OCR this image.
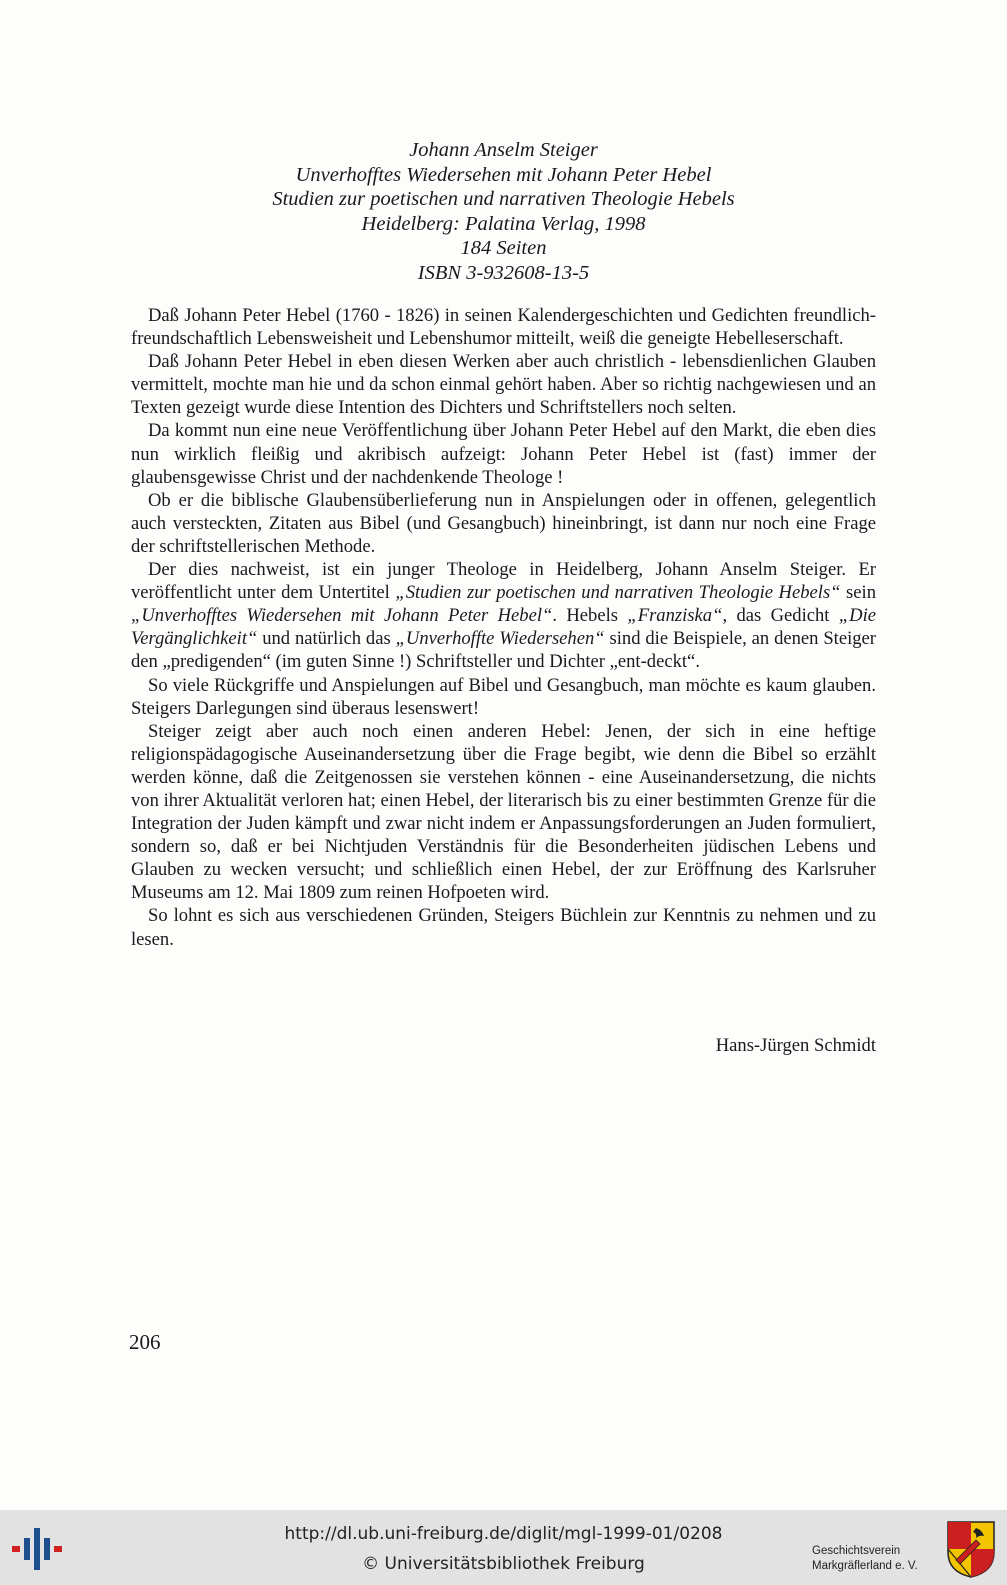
Johann Anselm Steiger
Unverhofftes Wiedersehen mit Johann Peter Hebel
Studien zur poetischen und narrativen Theologie Hebels
Heidelberg: Palatina Verlag, 1998
184 Seiten
ISBN 3-932608-13-5

Daß Johann Peter Hebel (1760 - 1826) in seinen Kalendergeschichten und Gedichten freundlich-freundschaftlich Lebensweisheit und Lebenshumor mitteilt, weiß die geneigte Hebelleserschaft.

Daß Johann Peter Hebel in eben diesen Werken aber auch christlich - lebensdienlichen Glauben vermittelt, mochte man hie und da schon einmal gehört haben. Aber so richtig nachgewiesen und an Texten gezeigt wurde diese Intention des Dichters und Schriftstellers noch selten.

Da kommt nun eine neue Veröffentlichung über Johann Peter Hebel auf den Markt, die eben dies nun wirklich fleißig und akribisch aufzeigt: Johann Peter Hebel ist (fast) immer der glaubensgewisse Christ und der nachdenkende Theologe !

Ob er die biblische Glaubensüberlieferung nun in Anspielungen oder in offenen, gelegentlich auch versteckten, Zitaten aus Bibel (und Gesangbuch) hineinbringt, ist dann nur noch eine Frage der schriftstellerischen Methode.

Der dies nachweist, ist ein junger Theologe in Heidelberg, Johann Anselm Steiger. Er veröffentlicht unter dem Untertitel „Studien zur poetischen und narrativen Theologie Hebels“ sein „Unverhofftes Wiedersehen mit Johann Peter Hebel“. Hebels „Franziska“, das Gedicht „Die Vergänglichkeit“ und natürlich das „Unverhoffte Wiedersehen“ sind die Beispiele, an denen Steiger den „predigenden“ (im guten Sinne !) Schriftsteller und Dichter „ent-deckt“.

So viele Rückgriffe und Anspielungen auf Bibel und Gesangbuch, man möchte es kaum glauben. Steigers Darlegungen sind überaus lesenswert!

Steiger zeigt aber auch noch einen anderen Hebel: Jenen, der sich in eine heftige religionspädagogische Auseinandersetzung über die Frage begibt, wie denn die Bibel so erzählt werden könne, daß die Zeitgenossen sie verstehen können - eine Auseinandersetzung, die nichts von ihrer Aktualität verloren hat; einen Hebel, der literarisch bis zu einer bestimmten Grenze für die Integration der Juden kämpft und zwar nicht indem er Anpassungsforderungen an Juden formuliert, sondern so, daß er bei Nichtjuden Verständnis für die Besonderheiten jüdischen Lebens und Glauben zu wecken versucht; und schließlich einen Hebel, der zur Eröffnung des Karlsruher Museums am 12. Mai 1809 zum reinen Hofpoeten wird.

So lohnt es sich aus verschiedenen Gründen, Steigers Büchlein zur Kenntnis zu nehmen und zu lesen.

Hans-Jürgen Schmidt
206
http://dl.ub.uni-freiburg.de/diglit/mgl-1999-01/0208
© Universitätsbibliothek Freiburg
Geschichtsverein
Markgräflerland e. V.
